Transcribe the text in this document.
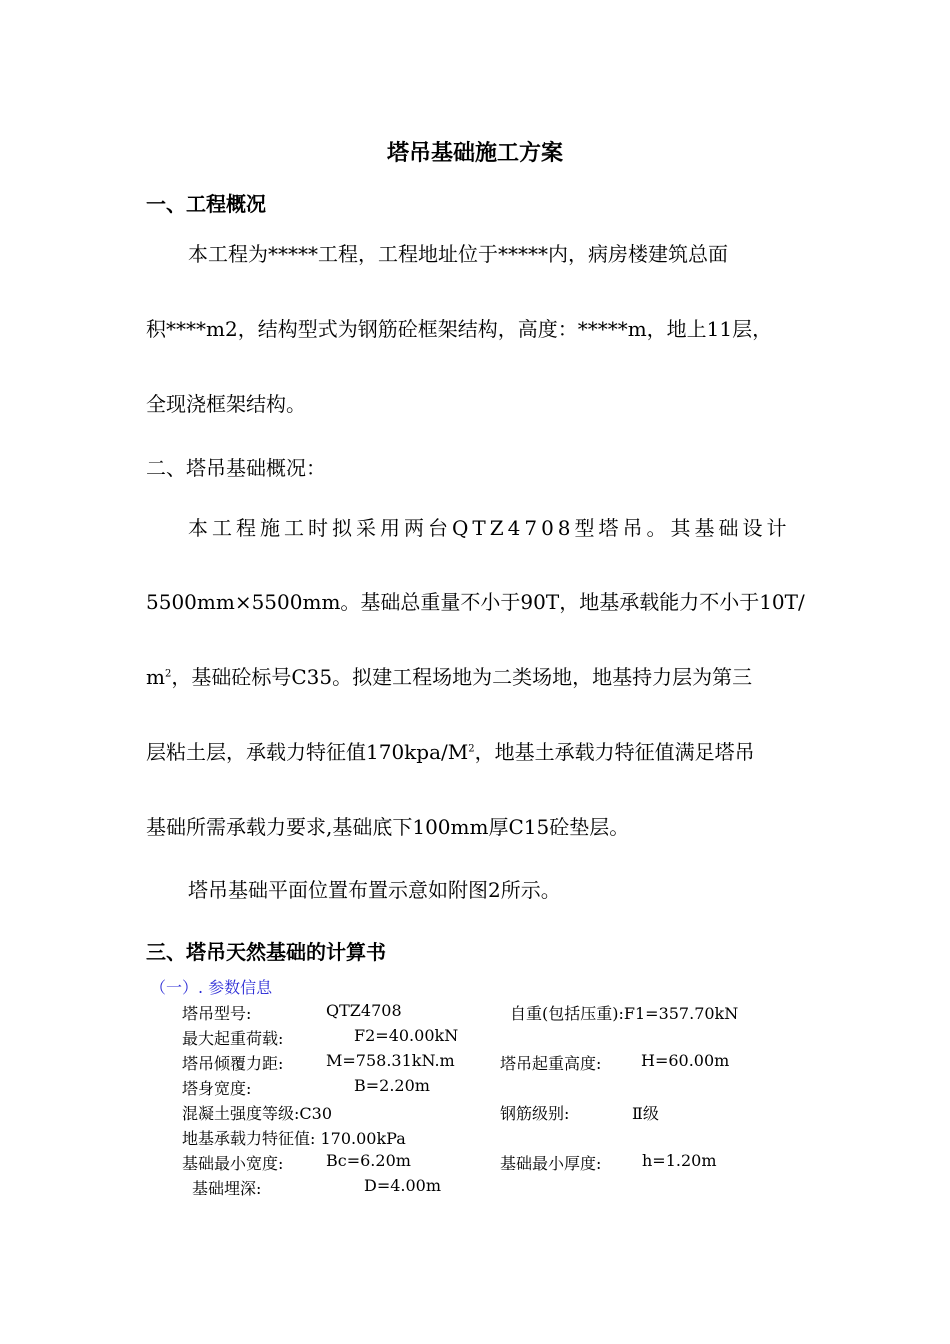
塔吊基础施工方案
一、工程概况
本工程为*****工程，工程地址位于*****内，病房楼建筑总面
积****m2，结构型式为钢筋砼框架结构，高度：*****m，地上11层，
全现浇框架结构。
二、塔吊基础概况：
本工程施工时拟采用两台QTZ4708型塔吊。其基础设计
5500mm×5500mm。基础总重量不小于90T，地基承载能力不小于10T/
$m^2$，基础砼标号C35。拟建工程场地为二类场地，地基持力层为第三
层粘土层，承载力特征值$170kpa/M^2$，地基土承载力特征值满足塔吊
基础所需承载力要求,基础底下100mm厚C15砼垫层。
塔吊基础平面位置布置示意如附图2所示。
三、塔吊天然基础的计算书
（一）. 参数信息
塔吊型号:	QTZ4708	自重(包括压重):F1=357.70kN
最大起重荷载:	F2=40.00kN
塔吊倾覆力距:	M=758.31kN.m	塔吊起重高度: H=60.00m
塔身宽度:	B=2.20m
混凝土强度等级:C30	钢筋级别:	Ⅱ级
地基承载力特征值: 170.00kPa
基础最小宽度:	Bc=6.20m	基础最小厚度:	h=1.20m
基础埋深:	D=4.00m
